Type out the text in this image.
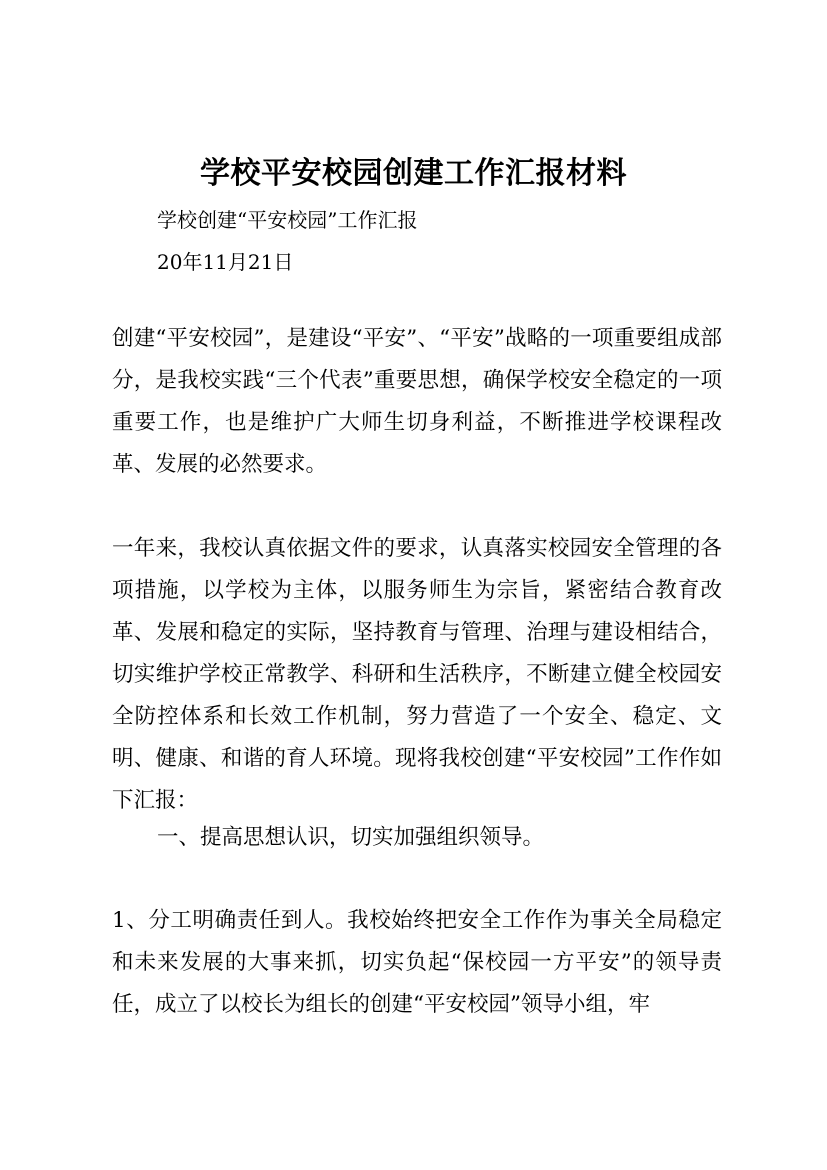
学校平安校园创建工作汇报材料
学校创建“平安校园”工作汇报
20年11月21日

创建“平安校园”，是建设“平安”、“平安”战略的一项重要组成部分，是我校实践“三个代表”重要思想，确保学校安全稳定的一项重要工作，也是维护广大师生切身利益，不断推进学校课程改革、发展的必然要求。

一年来，我校认真依据文件的要求，认真落实校园安全管理的各项措施，以学校为主体，以服务师生为宗旨，紧密结合教育改革、发展和稳定的实际，坚持教育与管理、治理与建设相结合，切实维护学校正常教学、科研和生活秩序，不断建立健全校园安全防控体系和长效工作机制，努力营造了一个安全、稳定、文明、健康、和谐的育人环境。现将我校创建“平安校园”工作作如下汇报：

一、提高思想认识，切实加强组织领导。

1、分工明确责任到人。我校始终把安全工作作为事关全局稳定和未来发展的大事来抓，切实负起“保校园一方平安”的领导责任，成立了以校长为组长的创建“平安校园”领导小组，牢
